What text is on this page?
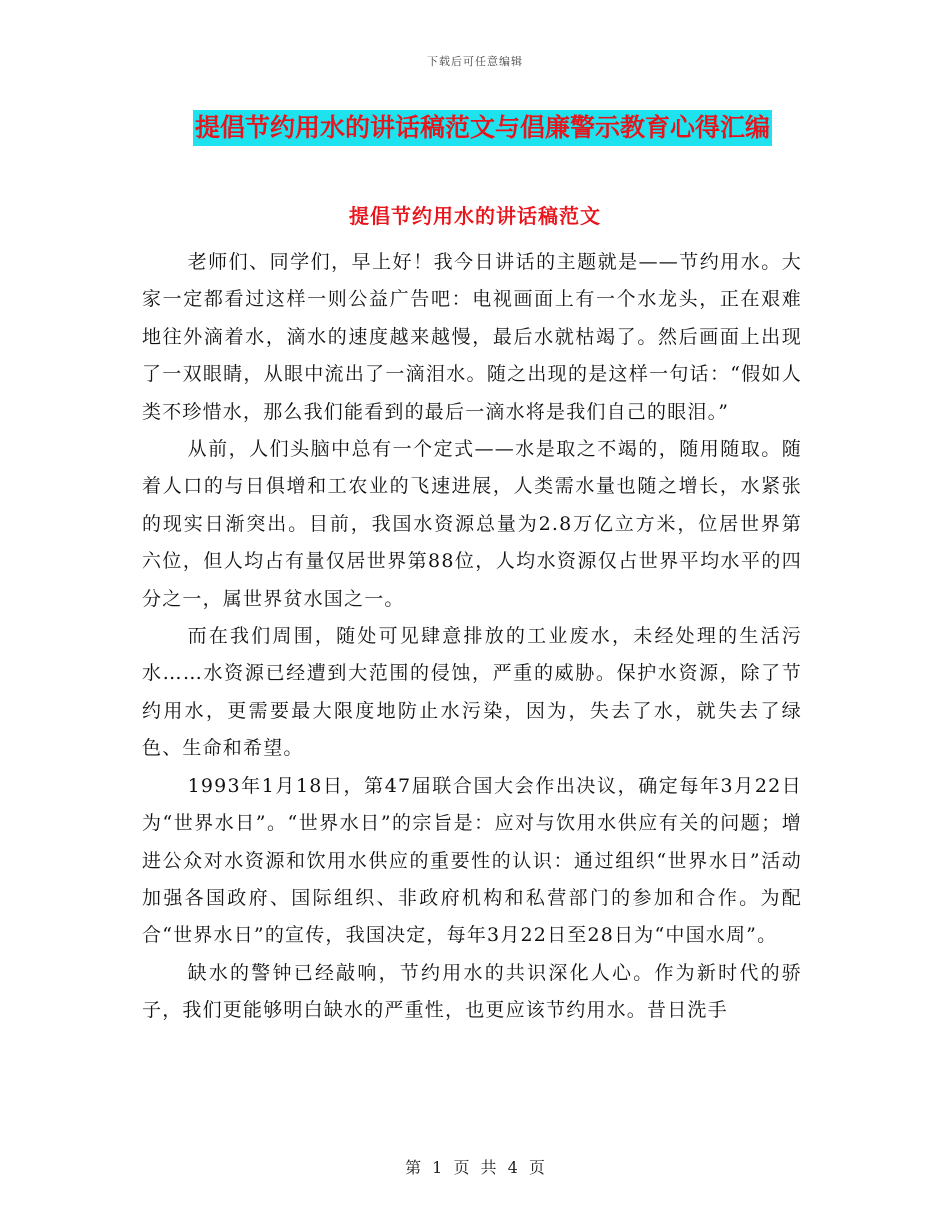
下载后可任意编辑
提倡节约用水的讲话稿范文与倡廉警示教育心得汇编
提倡节约用水的讲话稿范文

老师们、同学们，早上好！我今日讲话的主题就是——节约用水。大家一定都看过这样一则公益广告吧：电视画面上有一个水龙头，正在艰难地往外滴着水，滴水的速度越来越慢，最后水就枯竭了。然后画面上出现了一双眼睛，从眼中流出了一滴泪水。随之出现的是这样一句话：“假如人类不珍惜水，那么我们能看到的最后一滴水将是我们自己的眼泪。”

从前，人们头脑中总有一个定式——水是取之不竭的，随用随取。随着人口的与日俱增和工农业的飞速进展，人类需水量也随之增长，水紧张的现实日渐突出。目前，我国水资源总量为2.8万亿立方米，位居世界第六位，但人均占有量仅居世界第88位，人均水资源仅占世界平均水平的四分之一，属世界贫水国之一。

而在我们周围，随处可见肆意排放的工业废水，未经处理的生活污水……水资源已经遭到大范围的侵蚀，严重的威胁。保护水资源，除了节约用水，更需要最大限度地防止水污染，因为，失去了水，就失去了绿色、生命和希望。

1993年1月18日，第47届联合国大会作出决议，确定每年3月22日为“世界水日”。“世界水日”的宗旨是：应对与饮用水供应有关的问题；增进公众对水资源和饮用水供应的重要性的认识：通过组织“世界水日”活动加强各国政府、国际组织、非政府机构和私营部门的参加和合作。为配合“世界水日”的宣传，我国决定，每年3月22日至28日为“中国水周”。

缺水的警钟已经敲响，节约用水的共识深化人心。作为新时代的骄子，我们更能够明白缺水的严重性，也更应该节约用水。昔日洗手

第 1 页 共 4 页
